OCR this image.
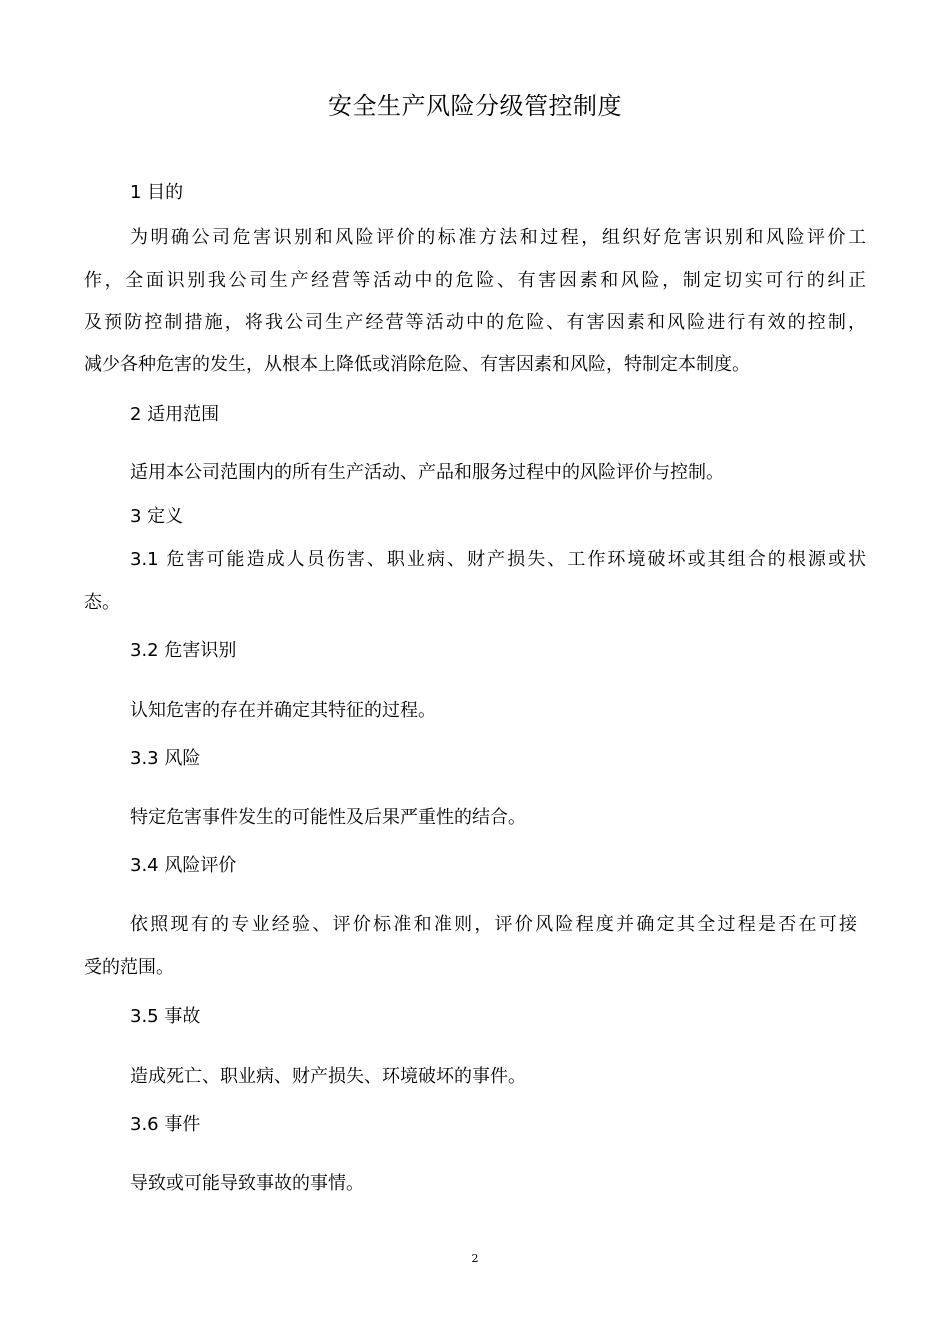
安全生产风险分级管控制度
1 目的
为明确公司危害识别和风险评价的标准方法和过程，组织好危害识别和风险评价工
作，全面识别我公司生产经营等活动中的危险、有害因素和风险，制定切实可行的纠正
及预防控制措施，将我公司生产经营等活动中的危险、有害因素和风险进行有效的控制，
减少各种危害的发生，从根本上降低或消除危险、有害因素和风险，特制定本制度。
2 适用范围
适用本公司范围内的所有生产活动、产品和服务过程中的风险评价与控制。
3 定义
3.1 危害可能造成人员伤害、职业病、财产损失、工作环境破坏或其组合的根源或状
态。
3.2 危害识别
认知危害的存在并确定其特征的过程。
3.3 风险
特定危害事件发生的可能性及后果严重性的结合。
3.4 风险评价
依照现有的专业经验、评价标准和准则，评价风险程度并确定其全过程是否在可接
受的范围。
3.5 事故
造成死亡、职业病、财产损失、环境破坏的事件。
3.6 事件
导致或可能导致事故的事情。
2
